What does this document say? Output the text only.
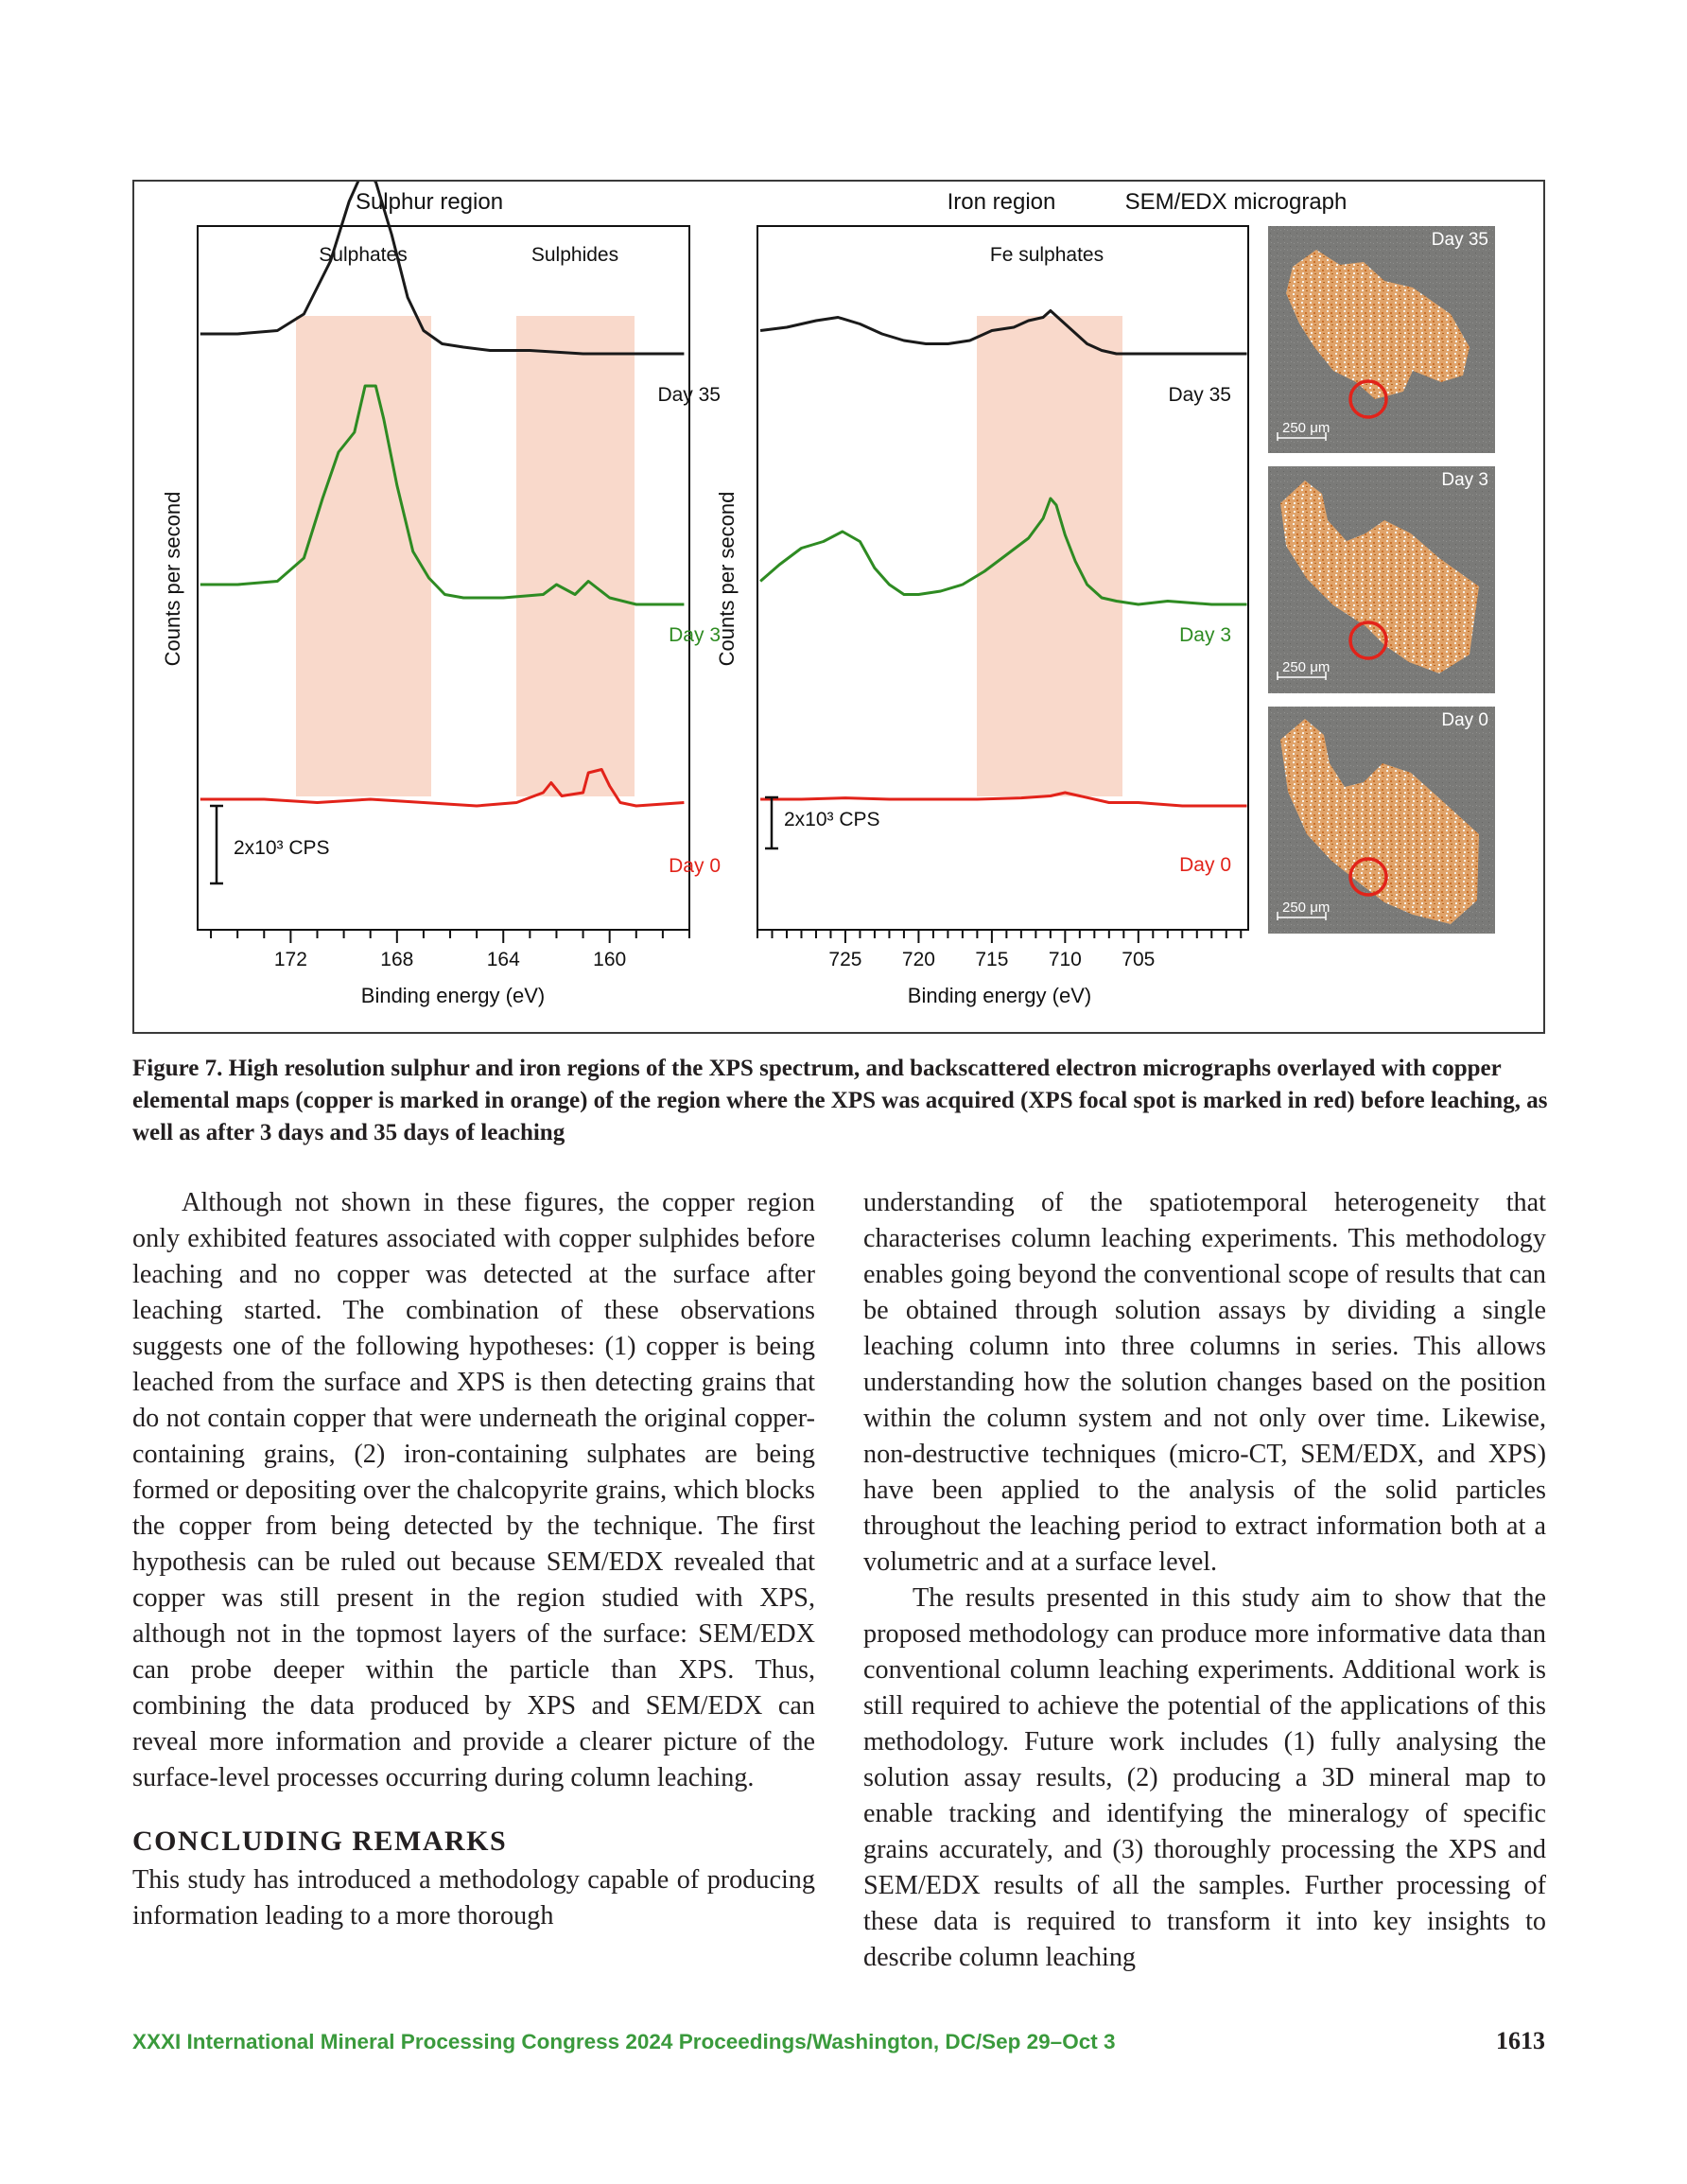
Sulphur region	Iron region	SEM/EDX micrograph
Sulphates	Sulphides
Day 35
Day 3
Day 0
2x10³ CPS
172	168	164	160
Binding energy (eV)
Counts per second
Fe sulphates
Day 35
Day 3
Day 0
2x10³ CPS
725 720 715 710 705
Binding energy (eV)
Counts per second
250 μm
Day 35
250 μm
Day 3
250 μm
Day 0

Figure 7. High resolution sulphur and iron regions of the XPS spectrum, and backscattered electron micrographs overlayed with copper elemental maps (copper is marked in orange) of the region where the XPS was acquired (XPS focal spot is marked in red) before leaching, as well as after 3 days and 35 days of leaching

Although not shown in these figures, the copper region only exhibited features associated with copper sulphides before leaching and no copper was detected at the surface after leaching started. The combination of these observations suggests one of the following hypotheses: (1) copper is being leached from the surface and XPS is then detecting grains that do not contain copper that were underneath the original copper-containing grains, (2) iron-containing sulphates are being formed or depositing over the chalcopyrite grains, which blocks the copper from being detected by the technique. The first hypothesis can be ruled out because SEM/EDX revealed that copper was still present in the region studied with XPS, although not in the topmost layers of the surface: SEM/EDX can probe deeper within the particle than XPS. Thus, combining the data produced by XPS and SEM/EDX can reveal more information and provide a clearer picture of the surface-level processes occurring during column leaching.

CONCLUDING REMARKS

This study has introduced a methodology capable of producing information leading to a more thorough

understanding of the spatiotemporal heterogeneity that characterises column leaching experiments. This methodology enables going beyond the conventional scope of results that can be obtained through solution assays by dividing a single leaching column into three columns in series. This allows understanding how the solution changes based on the position within the column system and not only over time. Likewise, non-destructive techniques (micro-CT, SEM/EDX, and XPS) have been applied to the analysis of the solid particles throughout the leaching period to extract information both at a volumetric and at a surface level.

The results presented in this study aim to show that the proposed methodology can produce more informative data than conventional column leaching experiments. Additional work is still required to achieve the potential of the applications of this methodology. Future work includes (1) fully analysing the solution assay results, (2) producing a 3D mineral map to enable tracking and identifying the mineralogy of specific grains accurately, and (3) thoroughly processing the XPS and SEM/EDX results of all the samples. Further processing of these data is required to transform it into key insights to describe column leaching

XXXI International Mineral Processing Congress 2024 Proceedings/Washington, DC/Sep 29–Oct 3	1613
